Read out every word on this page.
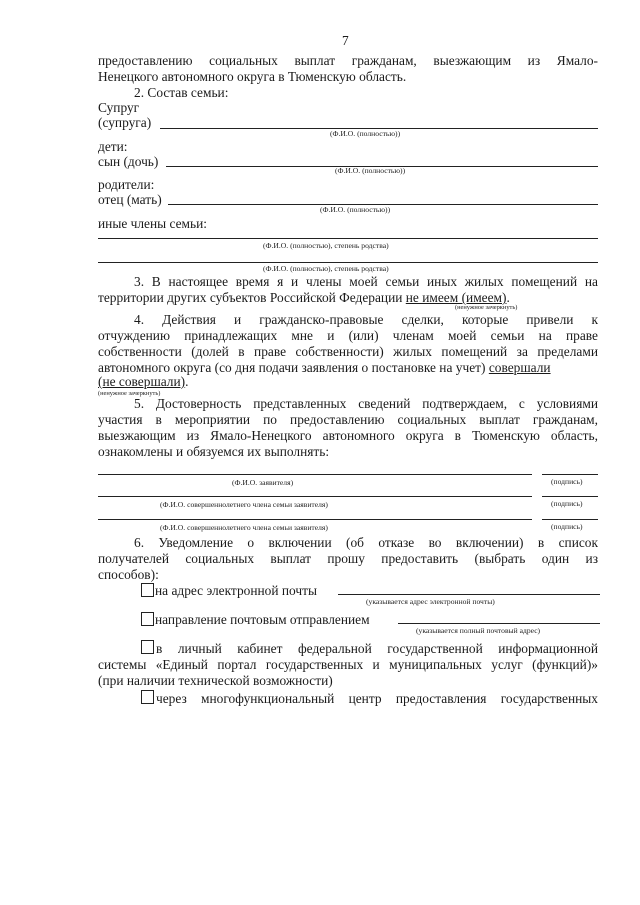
7
предоставлению социальных выплат гражданам, выезжающим из Ямало-
Ненецкого автономного округа в Тюменскую область.
2. Состав семьи:
Супруг
(супруга)
(Ф.И.О. (полностью))
дети:
сын (дочь)
(Ф.И.О. (полностью))
родители:
отец (мать)
(Ф.И.О. (полностью))
иные члены семьи:
(Ф.И.О. (полностью), степень родства)
(Ф.И.О. (полностью), степень родства)
3. В настоящее время я и члены моей семьи иных жилых помещений на
территории других субъектов Российской Федерации не имеем (имеем).
(ненужное зачеркнуть)
4. Действия и гражданско-правовые сделки, которые привели к
отчуждению принадлежащих мне и (или) членам моей семьи на праве
собственности (долей в праве собственности) жилых помещений за пределами
автономного округа (со дня подачи заявления о постановке на учет) совершали
(не совершали).
(ненужное зачеркнуть)
5. Достоверность представленных сведений подтверждаем, с условиями
участия в мероприятии по предоставлению социальных выплат гражданам,
выезжающим из Ямало-Ненецкого автономного округа в Тюменскую область,
ознакомлены и обязуемся их выполнять:
(Ф.И.О. заявителя)	(подпись)
(Ф.И.О. совершеннолетнего члена семьи заявителя)	(подпись)
(Ф.И.О. совершеннолетнего члена семьи заявителя)	(подпись)
6. Уведомление о включении (об отказе во включении) в список
получателей социальных выплат прошу предоставить (выбрать один из
способов):
на адрес электронной почты
(указывается адрес электронной почты)
направление почтовым отправлением
(указывается полный почтовый адрес)
в личный кабинет федеральной государственной информационной
системы «Единый портал государственных и муниципальных услуг (функций)»
(при наличии технической возможности)
через многофункциональный центр предоставления государственных
